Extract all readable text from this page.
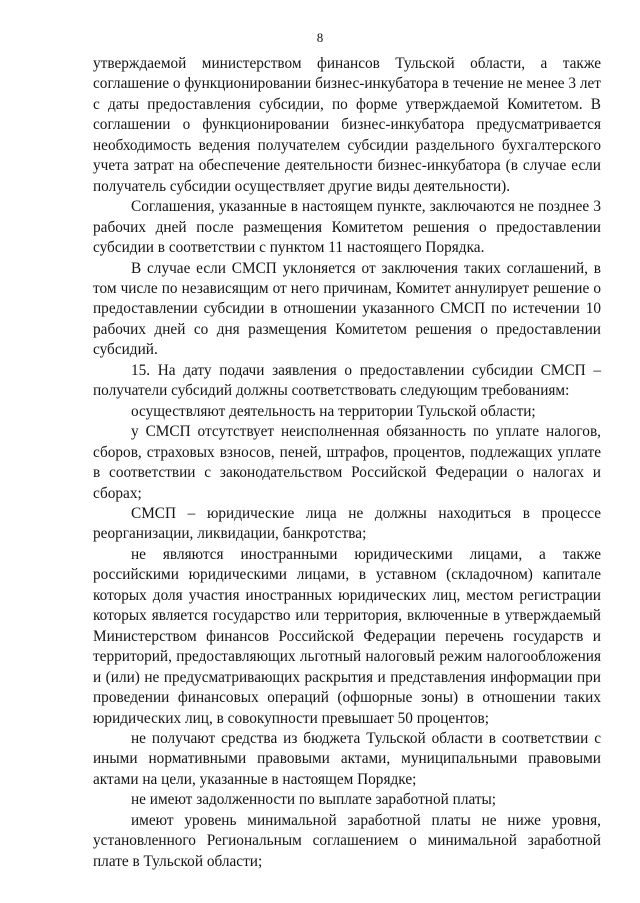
8

утверждаемой министерством финансов Тульской области, а также соглашение о функционировании бизнес-инкубатора в течение не менее 3 лет с даты предоставления субсидии, по форме утверждаемой Комитетом. В соглашении о функционировании бизнес-инкубатора предусматривается необходимость ведения получателем субсидии раздельного бухгалтерского учета затрат на обеспечение деятельности бизнес-инкубатора (в случае если получатель субсидии осуществляет другие виды деятельности).

Соглашения, указанные в настоящем пункте, заключаются не позднее 3 рабочих дней после размещения Комитетом решения о предоставлении субсидии в соответствии с пунктом 11 настоящего Порядка.

В случае если СМСП уклоняется от заключения таких соглашений, в том числе по независящим от него причинам, Комитет аннулирует решение о предоставлении субсидии в отношении указанного СМСП по истечении 10 рабочих дней со дня размещения Комитетом решения о предоставлении субсидий.

15. На дату подачи заявления о предоставлении субсидии СМСП – получатели субсидий должны соответствовать следующим требованиям:

осуществляют деятельность на территории Тульской области;

у СМСП отсутствует неисполненная обязанность по уплате налогов, сборов, страховых взносов, пеней, штрафов, процентов, подлежащих уплате в соответствии с законодательством Российской Федерации о налогах и сборах;

СМСП – юридические лица не должны находиться в процессе реорганизации, ликвидации, банкротства;

не являются иностранными юридическими лицами, а также российскими юридическими лицами, в уставном (складочном) капитале которых доля участия иностранных юридических лиц, местом регистрации которых является государство или территория, включенные в утверждаемый Министерством финансов Российской Федерации перечень государств и территорий, предоставляющих льготный налоговый режим налогообложения и (или) не предусматривающих раскрытия и представления информации при проведении финансовых операций (офшорные зоны) в отношении таких юридических лиц, в совокупности превышает 50 процентов;

не получают средства из бюджета Тульской области в соответствии с иными нормативными правовыми актами, муниципальными правовыми актами на цели, указанные в настоящем Порядке;

не имеют задолженности по выплате заработной платы;

имеют уровень минимальной заработной платы не ниже уровня, установленного Региональным соглашением о минимальной заработной плате в Тульской области;
